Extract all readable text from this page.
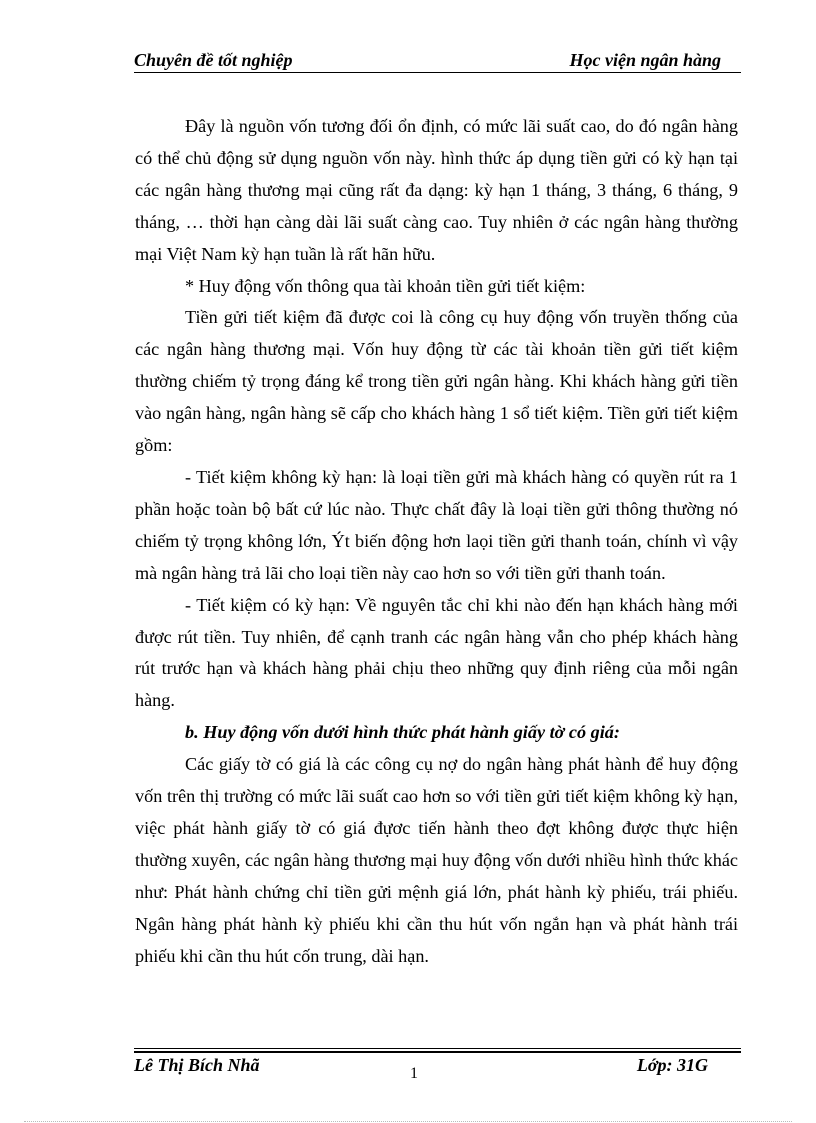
Chuyên đề tốt nghiệp	Học viện ngân hàng

Đây là nguồn vốn tương đối ổn định, có mức lãi suất cao, do đó ngân hàng có thể chủ động sử dụng nguồn vốn này. hình thức áp dụng tiền gửi có kỳ hạn tại các ngân hàng thương mại cũng rất đa dạng: kỳ hạn 1 tháng, 3 tháng, 6 tháng, 9 tháng, … thời hạn càng dài lãi suất càng cao. Tuy nhiên ở các ngân hàng thường mại Việt Nam kỳ hạn tuần là rất hãn hữu.

* Huy động vốn thông qua tài khoản tiền gửi tiết kiệm:

Tiền gửi tiết kiệm đã được coi là công cụ huy động vốn truyền thống của các ngân hàng thương mại. Vốn huy động từ các tài khoản tiền gửi tiết kiệm thường chiếm tỷ trọng đáng kể trong tiền gửi ngân hàng. Khi khách hàng gửi tiền vào ngân hàng, ngân hàng sẽ cấp cho khách hàng 1 sổ tiết kiệm. Tiền gửi tiết kiệm gồm:

- Tiết kiệm không kỳ hạn: là loại tiền gửi mà khách hàng có quyền rút ra 1 phần hoặc toàn bộ bất cứ lúc nào. Thực chất đây là loại tiền gửi thông thường nó chiếm tỷ trọng không lớn, Ýt biến động hơn laọi tiền gửi thanh toán, chính vì vậy mà ngân hàng trả lãi cho loại tiền này cao hơn so với tiền gửi thanh toán.

- Tiết kiệm có kỳ hạn: Về nguyên tắc chỉ khi nào đến hạn khách hàng mới được rút tiền. Tuy nhiên, để cạnh tranh các ngân hàng vẫn cho phép khách hàng rút trước hạn và khách hàng phải chịu theo những quy định riêng của mỗi ngân hàng.

b. Huy động vốn dưới hình thức phát hành giấy tờ có giá:

Các giấy tờ có giá là các công cụ nợ do ngân hàng phát hành để huy động vốn trên thị trường có mức lãi suất cao hơn so với tiền gửi tiết kiệm không kỳ hạn, việc phát hành giấy tờ có giá đựơc tiến hành theo đợt không được thực hiện thường xuyên, các ngân hàng thương mại huy động vốn dưới nhiều hình thức khác như: Phát hành chứng chỉ tiền gửi mệnh giá lớn, phát hành kỳ phiếu, trái phiếu. Ngân hàng phát hành kỳ phiếu khi cần thu hút vốn ngắn hạn và phát hành trái phiếu khi cần thu hút cốn trung, dài hạn.

Lê Thị Bích Nhã	1	Lớp: 31G
